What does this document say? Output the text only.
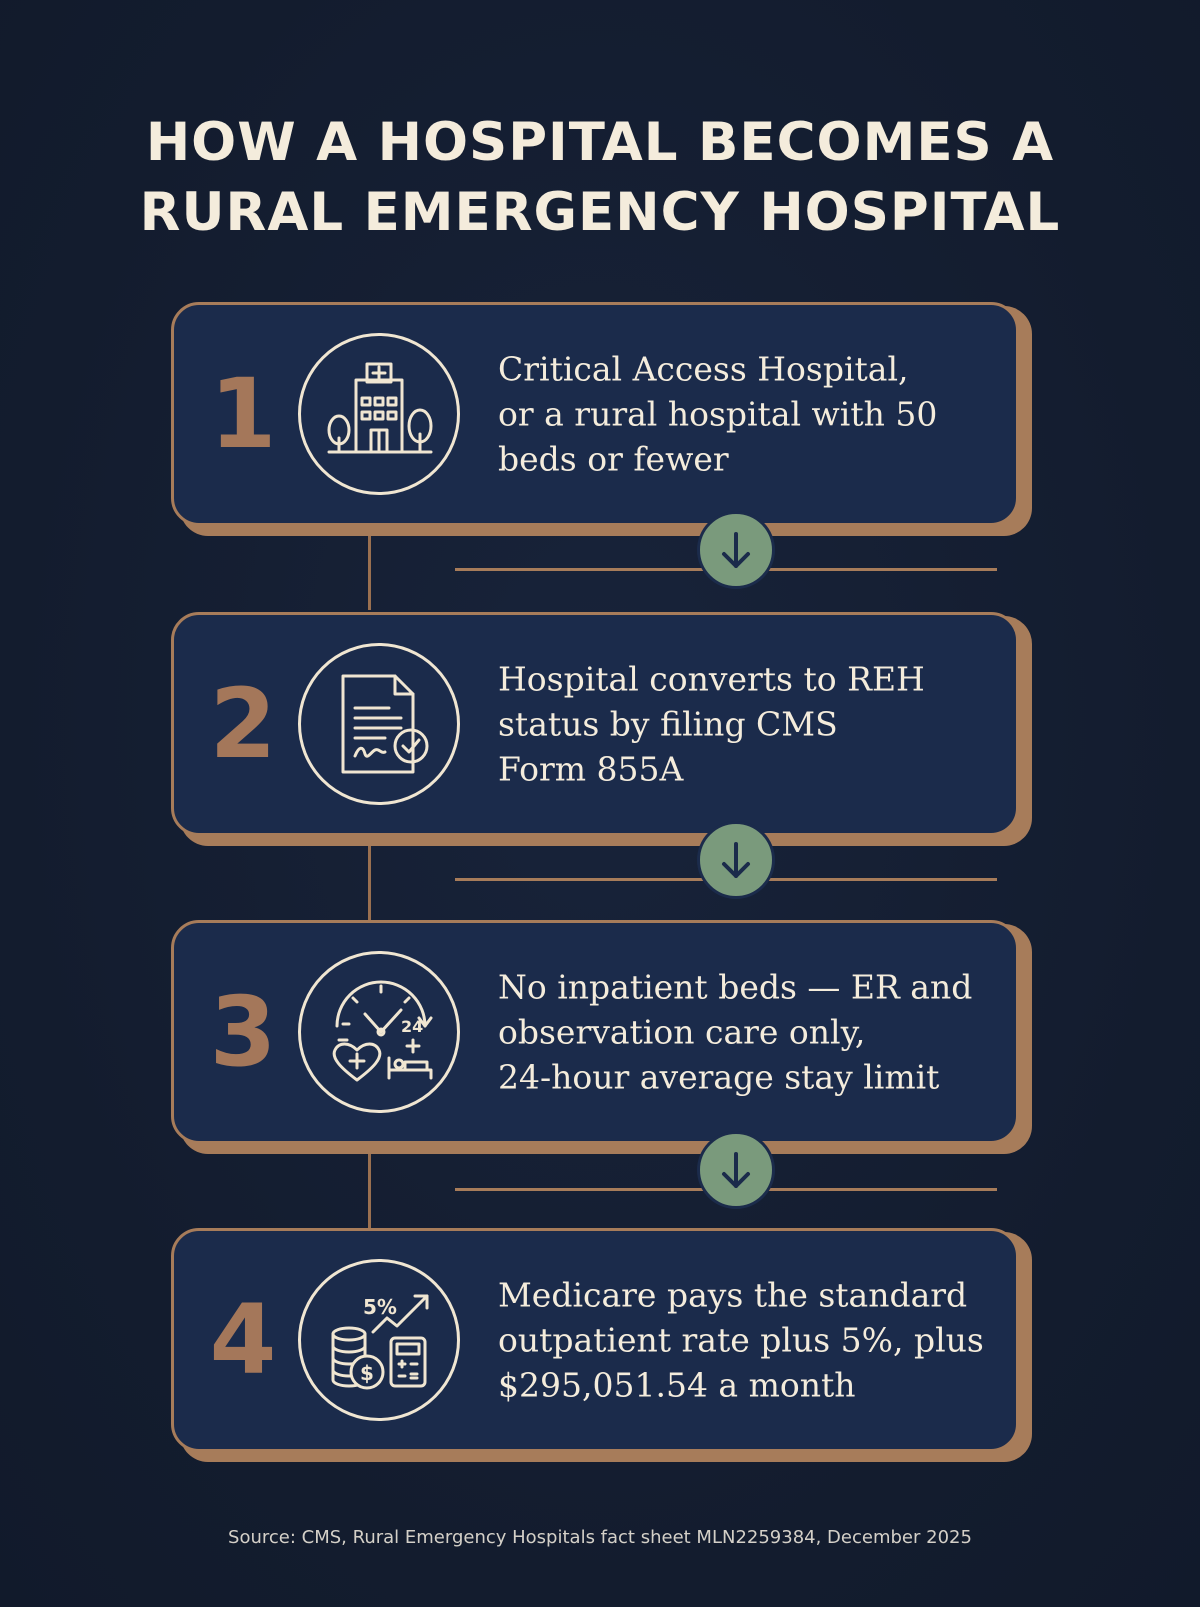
HOW A HOSPITAL BECOMES A
RURAL EMERGENCY HOSPITAL
1	Critical Access Hospital,
or a rural hospital with 50
beds or fewer
2	Hospital converts to REH
status by filing CMS
Form 855A
3	24
No inpatient beds — ER and
observation care only,
24-hour average stay limit
4	5%
$
Medicare pays the standard
outpatient rate plus 5%, plus
$295,051.54 a month
Source: CMS, Rural Emergency Hospitals fact sheet MLN2259384, December 2025
